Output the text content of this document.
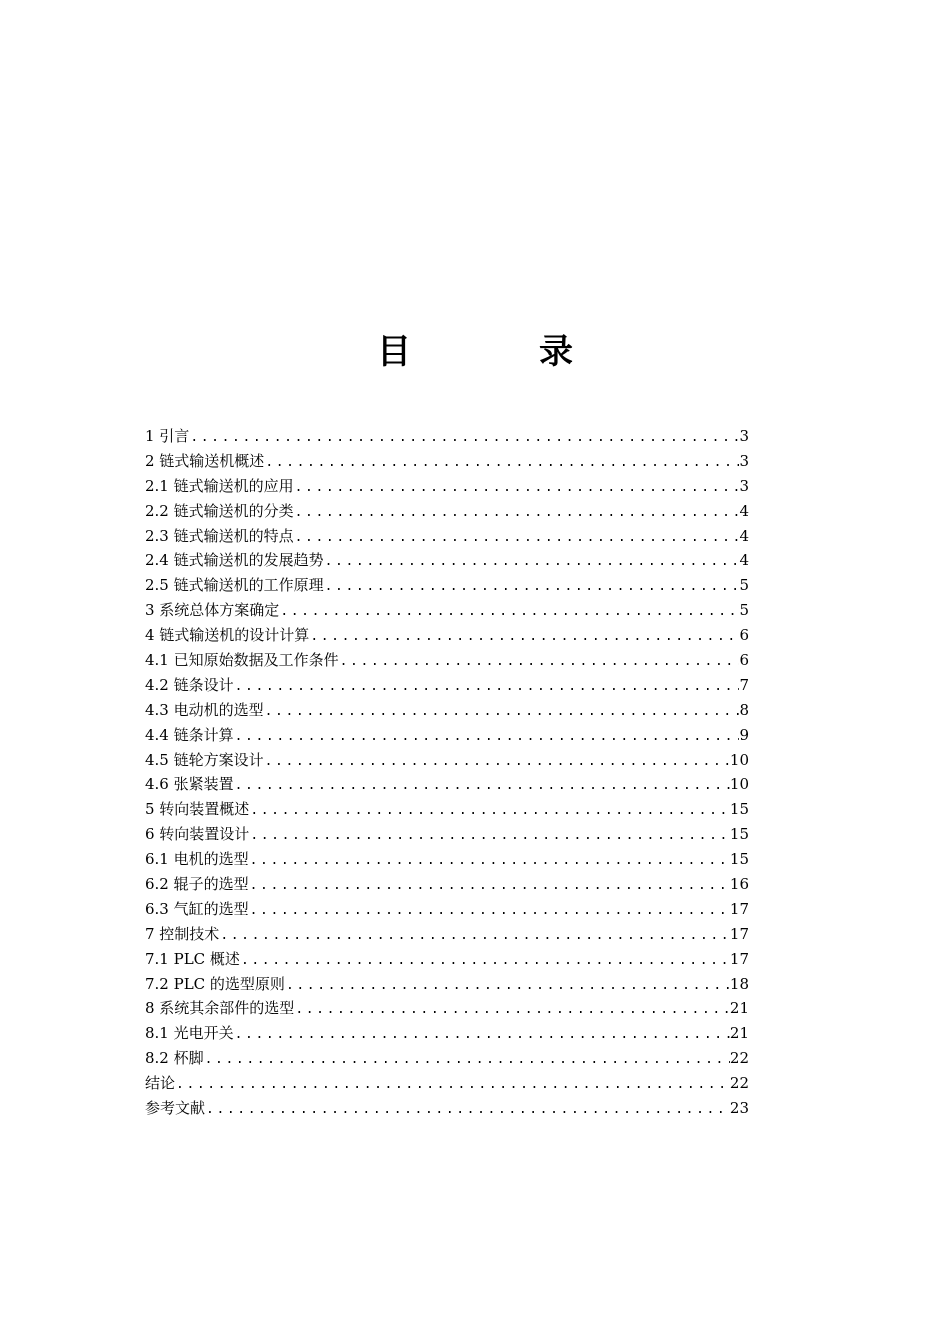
目	录
1 引言 .....	3
2 链式输送机概述 .....	3
2.1 链式输送机的应用 .....	3
2.2 链式输送机的分类 .....	4
2.3 链式输送机的特点 .....	4
2.4 链式输送机的发展趋势 .....	4
2.5 链式输送机的工作原理 .....	5
3 系统总体方案确定 .....	5
4 链式输送机的设计计算 .....	6
4.1 已知原始数据及工作条件 .....	6
4.2 链条设计 .....	7
4.3 电动机的选型 .....	8
4.4 链条计算 .....	9
4.5 链轮方案设计 .....	10
4.6 张紧装置 .....	10
5 转向装置概述 .....	15
6 转向装置设计 .....	15
6.1 电机的选型 .....	15
6.2 辊子的选型 .....	16
6.3 气缸的选型 .....	17
7 控制技术 .....	17
7.1 PLC 概述 .....	17
7.2 PLC 的选型原则 .....	18
8 系统其余部件的选型 .....	21
8.1 光电开关 .....	21
8.2 杯脚 .....	22
结论 .....	22
参考文献 .....	23
